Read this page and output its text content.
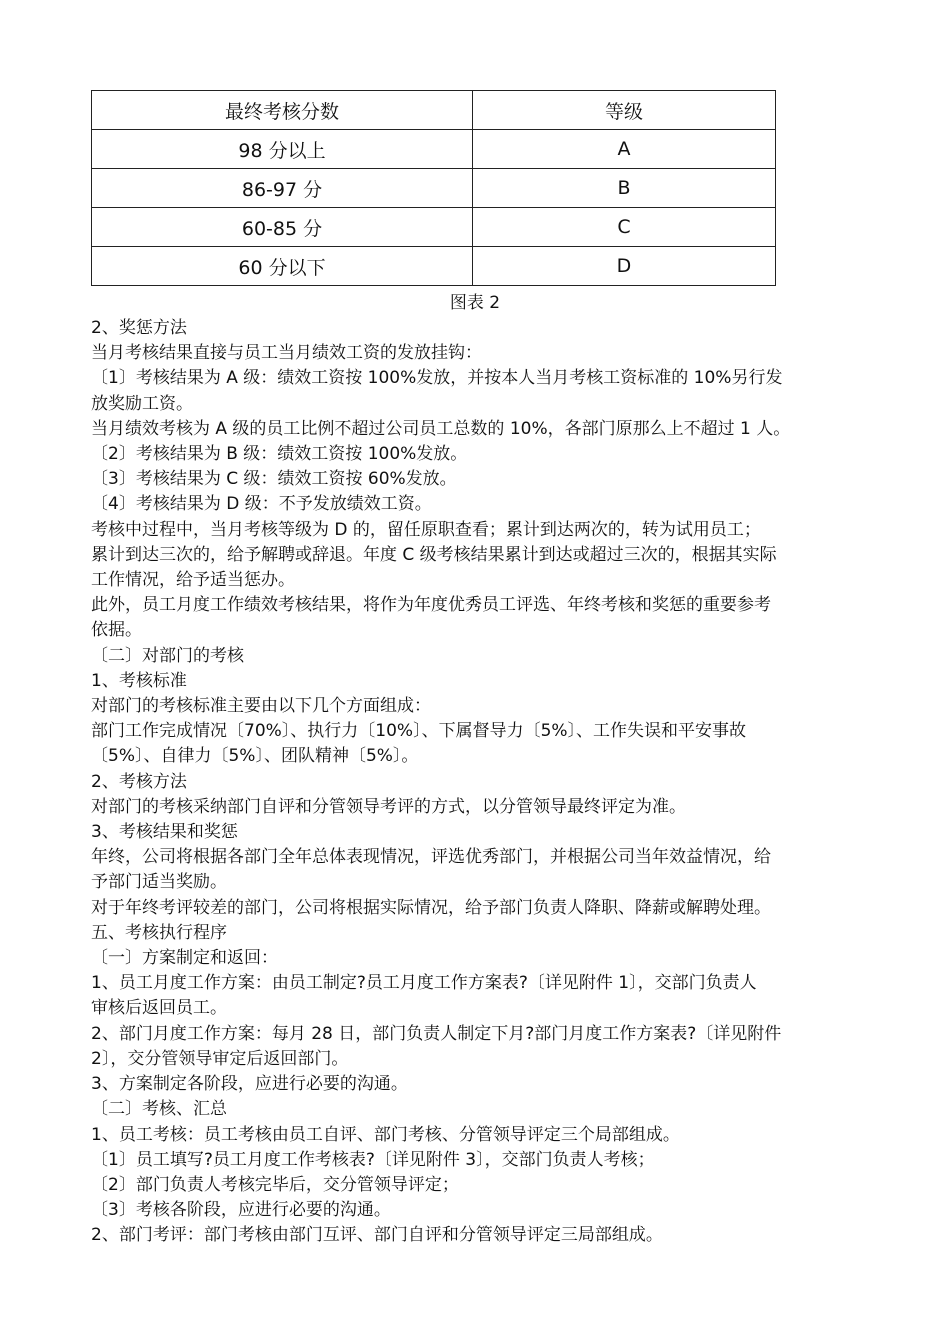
最终考核分数	等级
98 分以上	A
86-97 分	B
60-85 分	C
60 分以下	D
图表 2

2、奖惩方法

当月考核结果直接与员工当月绩效工资的发放挂钩：

〔1〕考核结果为 A 级：绩效工资按 100%发放，并按本人当月考核工资标准的 10%另行发

放奖励工资。

当月绩效考核为 A 级的员工比例不超过公司员工总数的 10%，各部门原那么上不超过 1 人。

〔2〕考核结果为 B 级：绩效工资按 100%发放。

〔3〕考核结果为 C 级：绩效工资按 60%发放。

〔4〕考核结果为 D 级：不予发放绩效工资。

考核中过程中，当月考核等级为 D 的，留任原职查看；累计到达两次的，转为试用员工；

累计到达三次的，给予解聘或辞退。年度 C 级考核结果累计到达或超过三次的，根据其实际

工作情况，给予适当惩办。

此外，员工月度工作绩效考核结果，将作为年度优秀员工评选、年终考核和奖惩的重要参考

依据。

〔二〕对部门的考核

1、考核标准

对部门的考核标准主要由以下几个方面组成：

部门工作完成情况〔70%〕、执行力〔10%〕、下属督导力〔5%〕、工作失误和平安事故

〔5%〕、自律力〔5%〕、团队精神〔5%〕。

2、考核方法

对部门的考核采纳部门自评和分管领导考评的方式，以分管领导最终评定为准。

3、考核结果和奖惩

年终，公司将根据各部门全年总体表现情况，评选优秀部门，并根据公司当年效益情况，给

予部门适当奖励。

对于年终考评较差的部门，公司将根据实际情况，给予部门负责人降职、降薪或解聘处理。

五、考核执行程序

〔一〕方案制定和返回：

1、员工月度工作方案：由员工制定?员工月度工作方案表?〔详见附件 1〕，交部门负责人

审核后返回员工。

2、部门月度工作方案：每月 28 日，部门负责人制定下月?部门月度工作方案表?〔详见附件

2〕，交分管领导审定后返回部门。

3、方案制定各阶段，应进行必要的沟通。

〔二〕考核、汇总

1、员工考核：员工考核由员工自评、部门考核、分管领导评定三个局部组成。

〔1〕员工填写?员工月度工作考核表?〔详见附件 3〕，交部门负责人考核；

〔2〕部门负责人考核完毕后，交分管领导评定；

〔3〕考核各阶段，应进行必要的沟通。

2、部门考评：部门考核由部门互评、部门自评和分管领导评定三局部组成。
